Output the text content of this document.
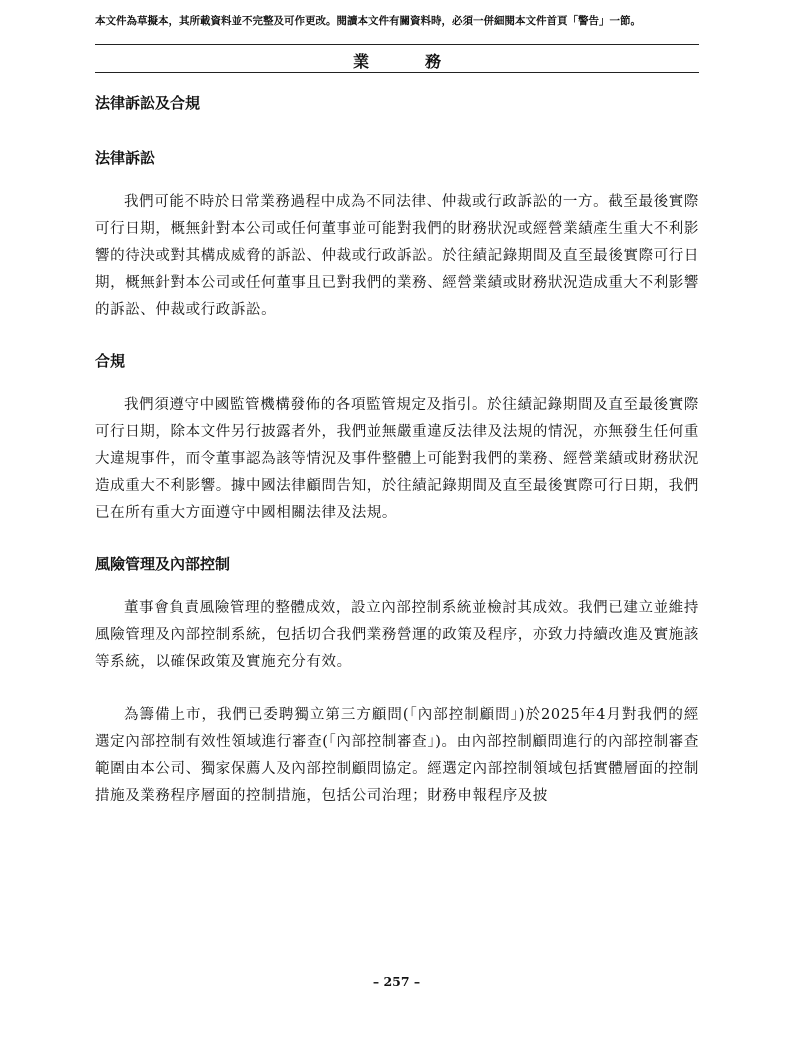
本文件為草擬本，其所載資料並不完整及可作更改。閱讀本文件有關資料時，必須一併細閱本文件首頁「警告」一節。
業　務
法律訴訟及合規
法律訴訟

我們可能不時於日常業務過程中成為不同法律、仲裁或行政訴訟的一方。截至最後實際可行日期，概無針對本公司或任何董事並可能對我們的財務狀況或經營業績產生重大不利影響的待決或對其構成威脅的訴訟、仲裁或行政訴訟。於往績記錄期間及直至最後實際可行日期，概無針對本公司或任何董事且已對我們的業務、經營業績或財務狀況造成重大不利影響的訴訟、仲裁或行政訴訟。

合規

我們須遵守中國監管機構發佈的各項監管規定及指引。於往績記錄期間及直至最後實際可行日期，除本文件另行披露者外，我們並無嚴重違反法律及法規的情況，亦無發生任何重大違規事件，而令董事認為該等情況及事件整體上可能對我們的業務、經營業績或財務狀況造成重大不利影響。據中國法律顧問告知，於往績記錄期間及直至最後實際可行日期，我們已在所有重大方面遵守中國相關法律及法規。

風險管理及內部控制

董事會負責風險管理的整體成效，設立內部控制系統並檢討其成效。我們已建立並維持風險管理及內部控制系統，包括切合我們業務營運的政策及程序，亦致力持續改進及實施該等系統，以確保政策及實施充分有效。

為籌備上市，我們已委聘獨立第三方顧問(「內部控制顧問」)於2025年4月對我們的經選定內部控制有效性領域進行審查(「內部控制審查」)。由內部控制顧問進行的內部控制審查範圍由本公司、獨家保薦人及內部控制顧問協定。經選定內部控制領域包括實體層面的控制措施及業務程序層面的控制措施，包括公司治理；財務申報程序及披

– 257 –
